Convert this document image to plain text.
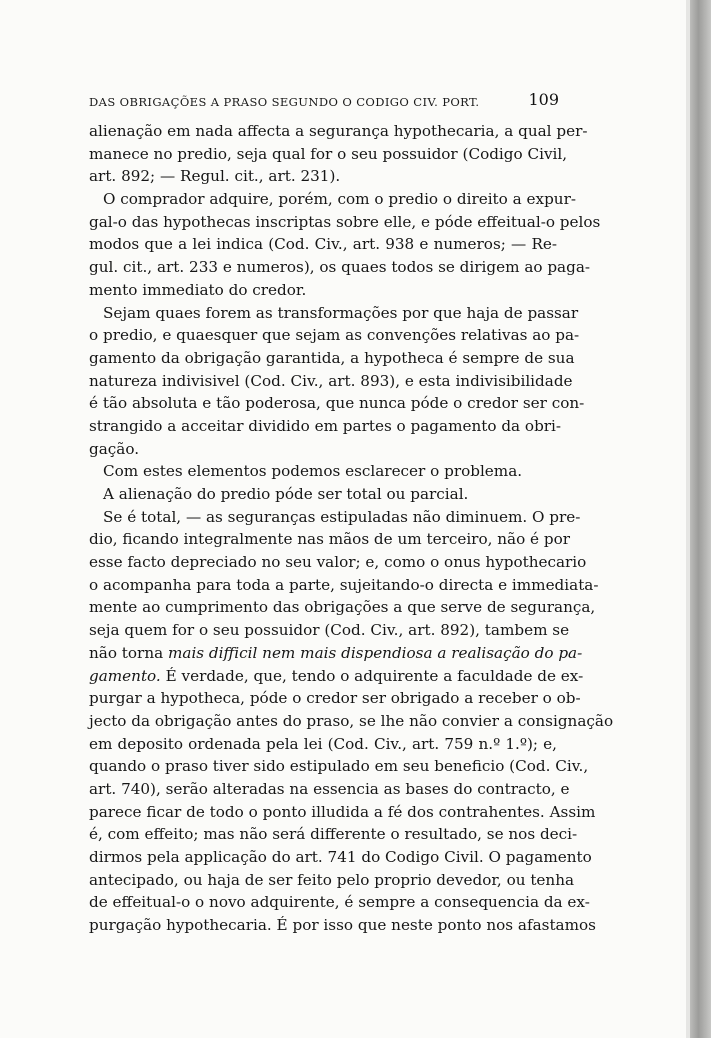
DAS OBRIGAÇÕES A PRASO SEGUNDO O CODIGO CIV. PORT.	109
alienação em nada affecta a segurança hypothecaria, a qual per-
manece no predio, seja qual for o seu possuidor (Codigo Civil,
art. 892; — Regul. cit., art. 231).
O comprador adquire, porém, com o predio o direito a expur-
gal-o das hypothecas inscriptas sobre elle, e póde effeitual-o pelos
modos que a lei indica (Cod. Civ., art. 938 e numeros; — Re-
gul. cit., art. 233 e numeros), os quaes todos se dirigem ao paga-
mento immediato do credor.
Sejam quaes forem as transformações por que haja de passar
o predio, e quaesquer que sejam as convenções relativas ao pa-
gamento da obrigação garantida, a hypotheca é sempre de sua
natureza indivisivel (Cod. Civ., art. 893), e esta indivisibilidade
é tão absoluta e tão poderosa, que nunca póde o credor ser con-
strangido a acceitar dividido em partes o pagamento da obri-
gação.
Com estes elementos podemos esclarecer o problema.
A alienação do predio póde ser total ou parcial.
Se é total, — as seguranças estipuladas não diminuem. O pre-
dio, ficando integralmente nas mãos de um terceiro, não é por
esse facto depreciado no seu valor; e, como o onus hypothecario
o acompanha para toda a parte, sujeitando-o directa e immediata-
mente ao cumprimento das obrigações a que serve de segurança,
seja quem for o seu possuidor (Cod. Civ., art. 892), tambem se
não torna mais difficil nem mais dispendiosa a realisação do pa-
gamento. É verdade, que, tendo o adquirente a faculdade de ex-
purgar a hypotheca, póde o credor ser obrigado a receber o ob-
jecto da obrigação antes do praso, se lhe não convier a consignação
em deposito ordenada pela lei (Cod. Civ., art. 759 n.º 1.º); e,
quando o praso tiver sido estipulado em seu beneficio (Cod. Civ.,
art. 740), serão alteradas na essencia as bases do contracto, e
parece ficar de todo o ponto illudida a fé dos contrahentes. Assim
é, com effeito; mas não será differente o resultado, se nos deci-
dirmos pela applicação do art. 741 do Codigo Civil. O pagamento
antecipado, ou haja de ser feito pelo proprio devedor, ou tenha
de effeitual-o o novo adquirente, é sempre a consequencia da ex-
purgação hypothecaria. É por isso que neste ponto nos afastamos
